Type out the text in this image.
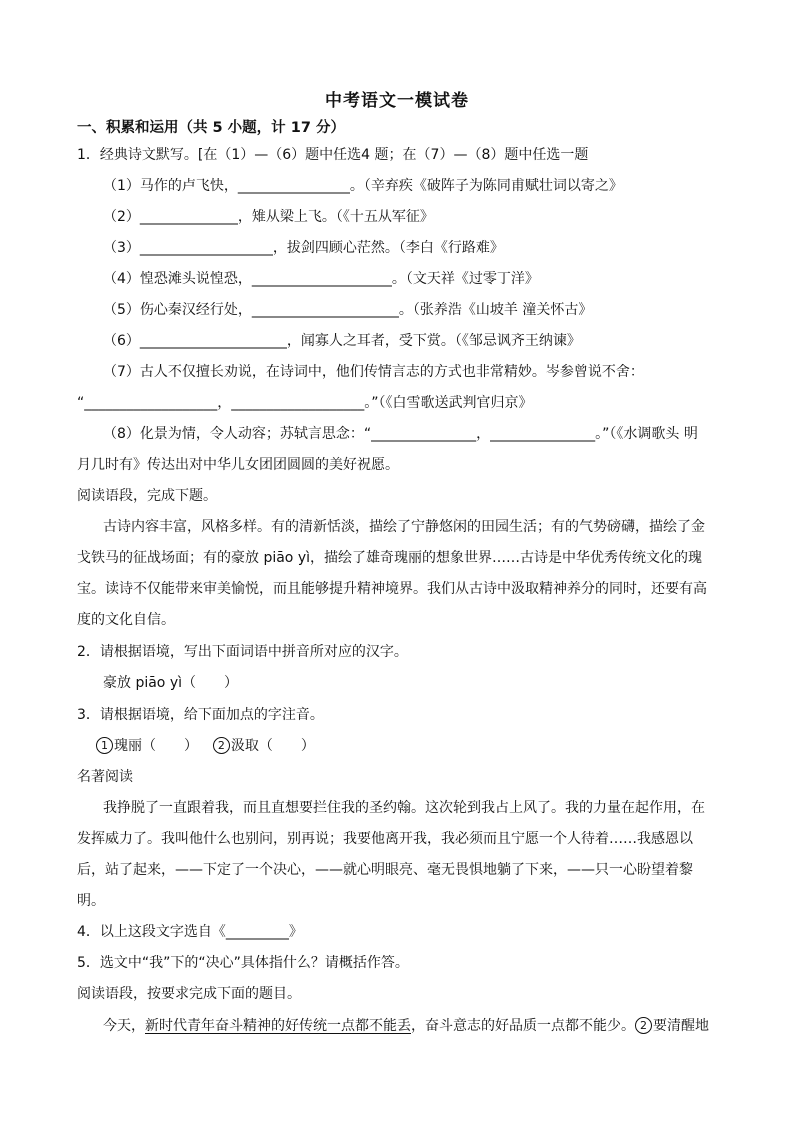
中考语文一模试卷
一、积累和运用（共 5 小题，计 17 分）
1．经典诗文默写。[在（1）—（6）题中任选4 题；在（7）—（8）题中任选一题
（1）马作的卢飞快，________________。（辛弃疾《破阵子为陈同甫赋壮词以寄之》
（2）______________，雉从梁上飞。（《十五从军征》
（3）___________________，拔剑四顾心茫然。（李白《行路难》
（4）惶恐滩头说惶恐，____________________。（文天祥《过零丁洋》
（5）伤心秦汉经行处，_____________________。（张养浩《山坡羊 潼关怀古》
（6）_____________________，闻寡人之耳者，受下赏。（《邹忌讽齐王纳谏》
（7）古人不仅擅长劝说，在诗词中，他们传情言志的方式也非常精妙。岑参曾说不舍：
“___________________，___________________。”（《白雪歌送武判官归京》
（8）化景为情，令人动容；苏轼言思念：“_______________，_______________。”（《水调歌头 明
月几时有》传达出对中华儿女团团圆圆的美好祝愿。
阅读语段，完成下题。
古诗内容丰富，风格多样。有的清新恬淡，描绘了宁静悠闲的田园生活；有的气势磅礴，描绘了金
戈铁马的征战场面；有的豪放 piāo yì，描绘了雄奇瑰丽的想象世界……古诗是中华优秀传统文化的瑰
宝。读诗不仅能带来审美愉悦，而且能够提升精神境界。我们从古诗中汲取精神养分的同时，还要有高
度的文化自信。
2．请根据语境，写出下面词语中拼音所对应的汉字。
豪放 piāo yì（　　）
3．请根据语境，给下面加点的字注音。
1 瑰丽（　　） 2 汲取（　　）
名著阅读
我挣脱了一直跟着我，而且直想要拦住我的圣约翰。这次轮到我占上风了。我的力量在起作用，在
发挥威力了。我叫他什么也别问，别再说；我要他离开我，我必须而且宁愿一个人待着……我感恩以
后，站了起来，——下定了一个决心，——就心明眼亮、毫无畏惧地躺了下来，——只一心盼望着黎
明。
4．以上这段文字选自《_________》
5．选文中“我”下的“决心”具体指什么？请概括作答。
阅读语段，按要求完成下面的题目。
今天，新时代青年奋斗精神的好传统一点都不能丢，奋斗意志的好品质一点都不能少。 2 要清醒地
